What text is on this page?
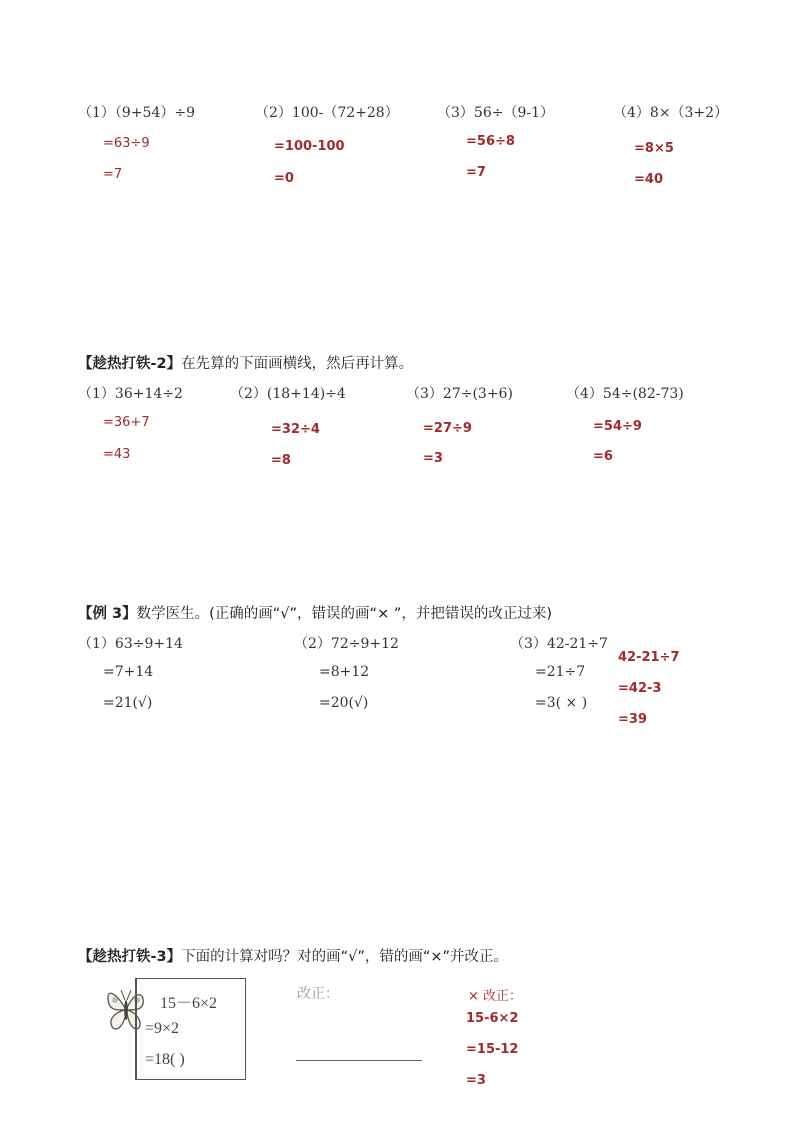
（1）（9+54）÷9
=63÷9
=7
（2）100-（72+28）
=100-100
=0
（3）56÷（9-1）
=56÷8
=7
（4）8×（3+2）
=8×5
=40
【趁热打铁-2】在先算的下面画横线，然后再计算。
（1）36+14÷2
=36+7
=43
（2）(18+14)÷4
=32÷4
=8
（3）27÷(3+6)
=27÷9
=3
（4）54÷(82-73)
=54÷9
=6
【例 3】数学医生。(正确的画“√”，错误的画“× ”，并把错误的改正过来)
（1）63÷9+14
=7+14
=21(√)
（2）72÷9+12
=8+12
=20(√)
（3）42-21÷7
=21÷7
=3( × )
42-21÷7
=42-3
=39
【趁热打铁-3】下面的计算对吗？对的画“√”，错的画“×”并改正。
15－6×2
=9×2
=18( )
改正：	× 改正：
15-6×2
=15-12
=3
